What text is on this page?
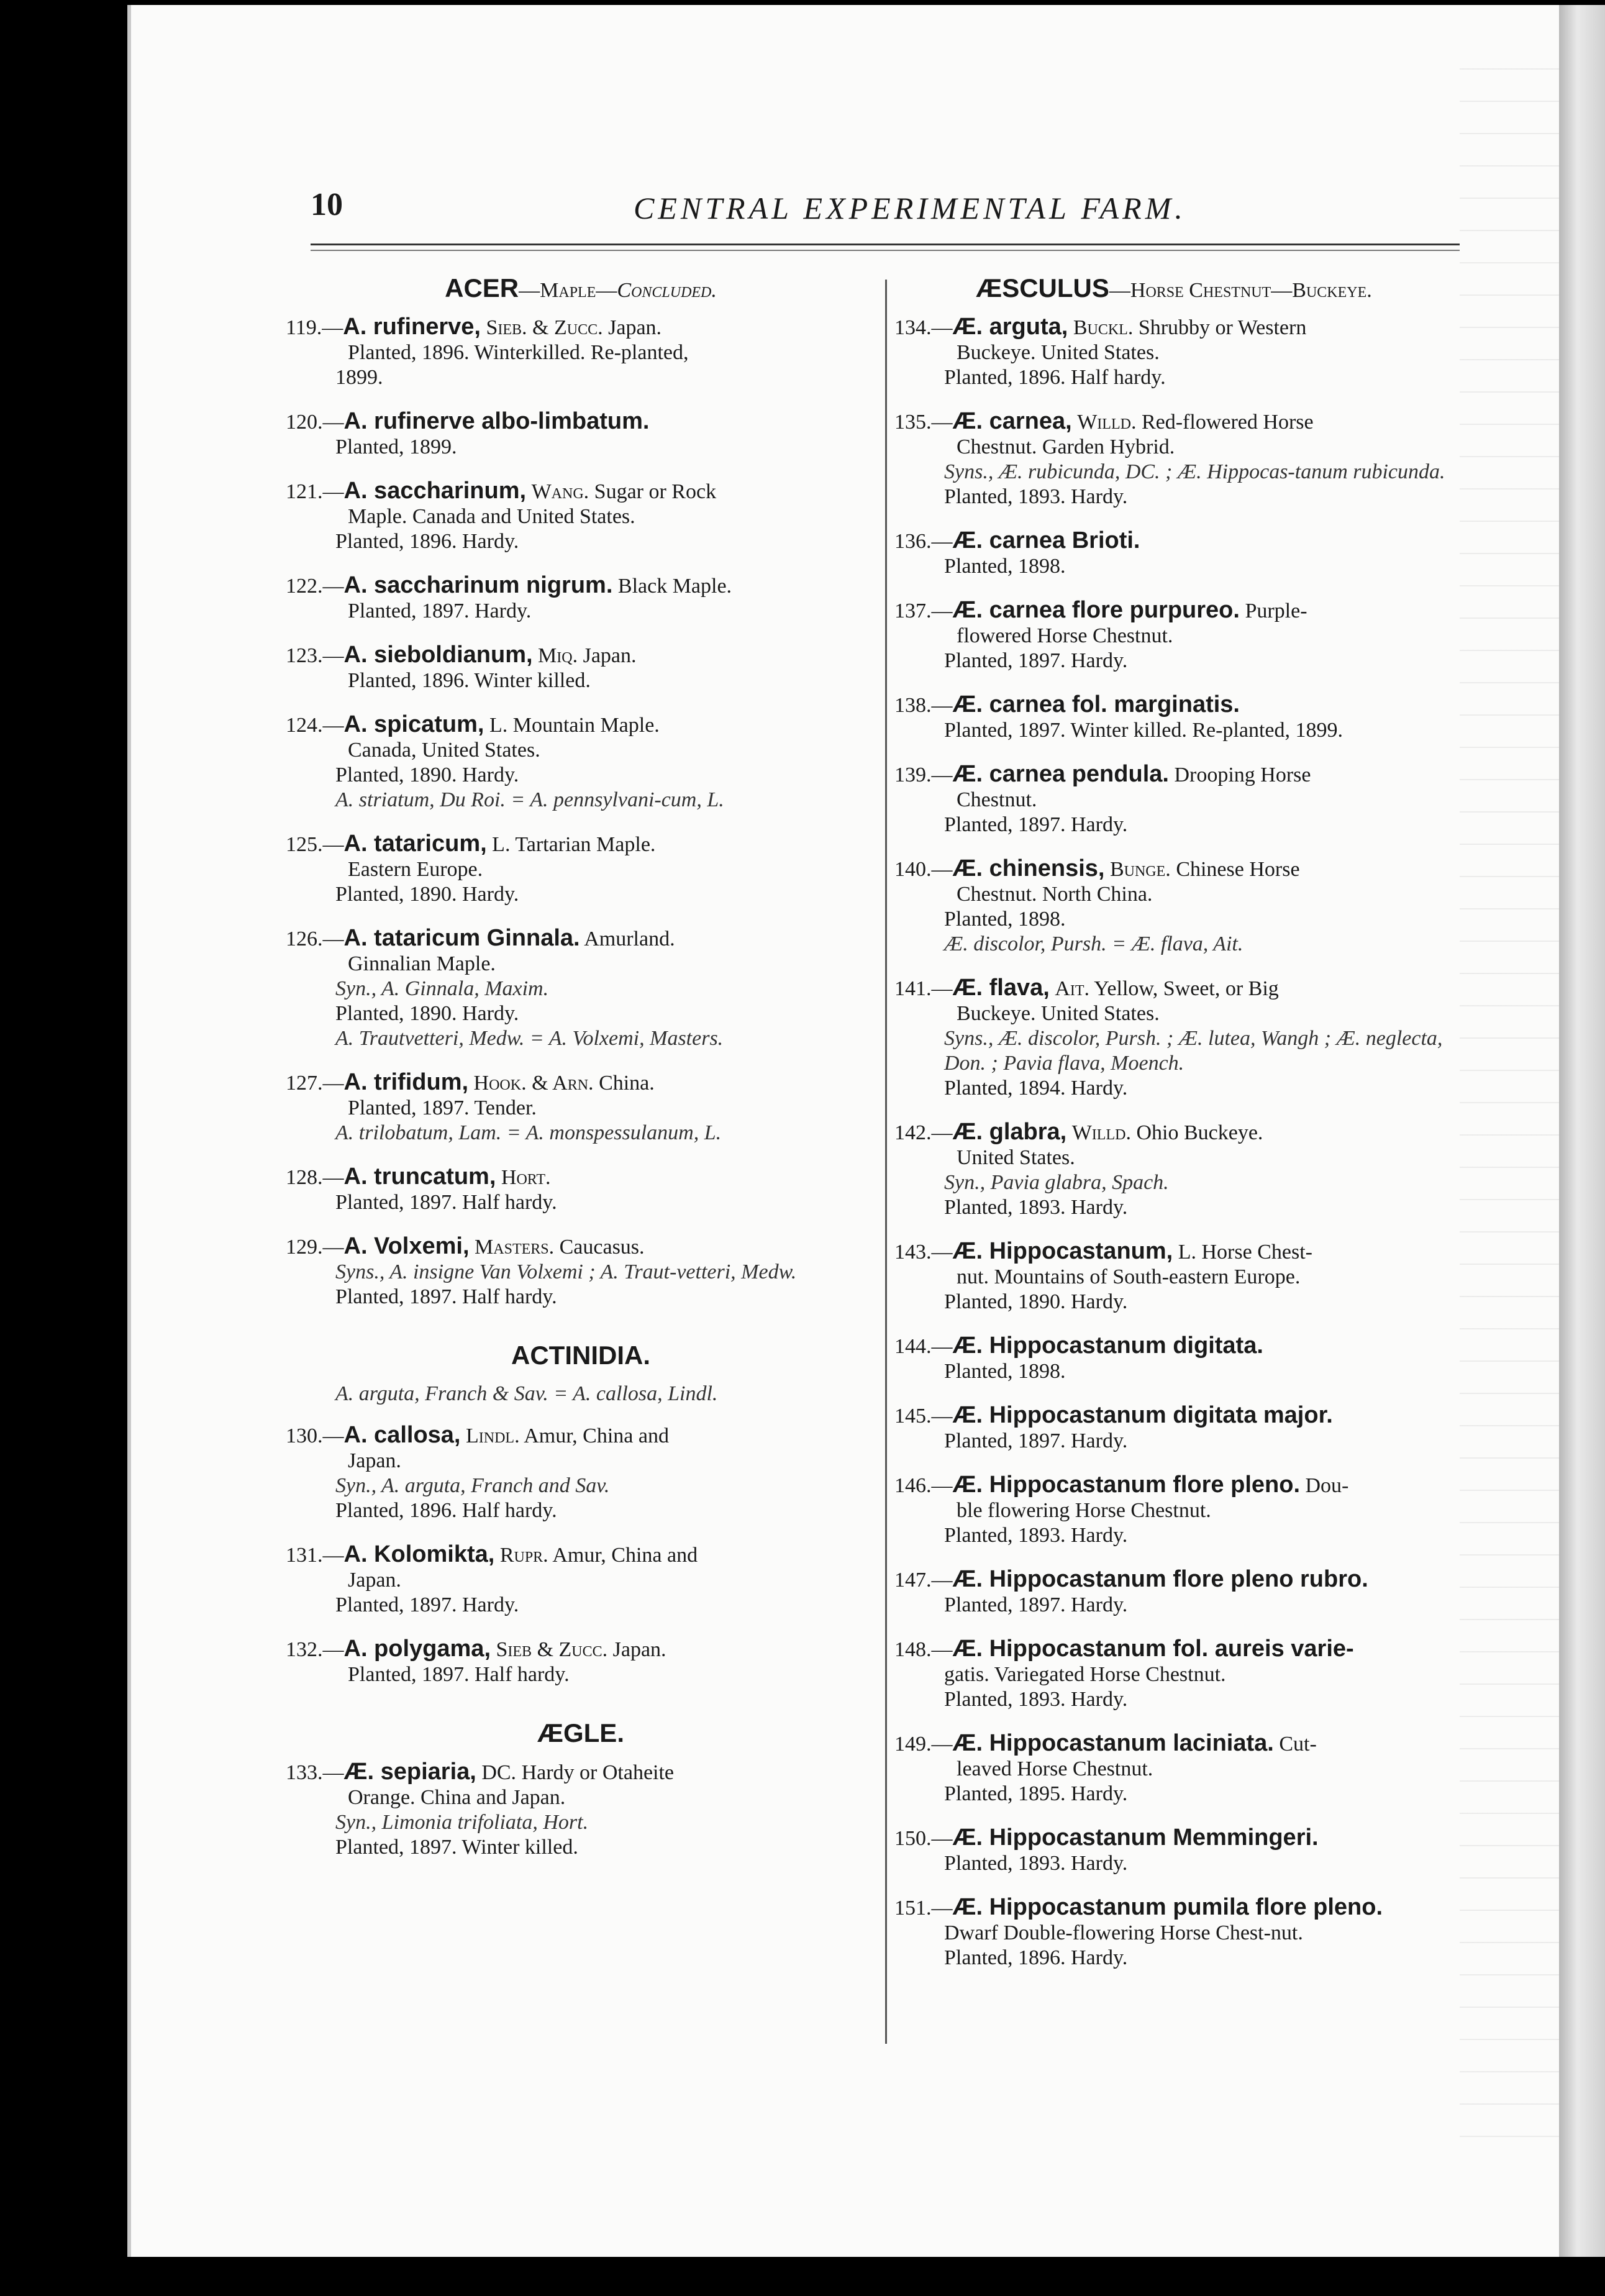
10	CENTRAL EXPERIMENTAL FARM.
ACER—Maple—Concluded.
119.—A. rufinerve, Sieb. & Zucc. Japan.
Planted, 1896. Winterkilled. Re-planted,
1899.
120.—A. rufinerve albo-limbatum.
Planted, 1899.
121.—A. saccharinum, Wang. Sugar or Rock
Maple. Canada and United States.
Planted, 1896. Hardy.
122.—A. saccharinum nigrum. Black Maple.
Planted, 1897. Hardy.
123.—A. sieboldianum, Miq. Japan.
Planted, 1896. Winter killed.
124.—A. spicatum, L. Mountain Maple.
Canada, United States.
Planted, 1890. Hardy.
A. striatum, Du Roi. = A. pennsylvani-cum, L.
125.—A. tataricum, L. Tartarian Maple.
Eastern Europe.
Planted, 1890. Hardy.
126.—A. tataricum Ginnala. Amurland.
Ginnalian Maple.
Syn., A. Ginnala, Maxim.
Planted, 1890. Hardy.
A. Trautvetteri, Medw. = A. Volxemi, Masters.
127.—A. trifidum, Hook. & Arn. China.
Planted, 1897. Tender.
A. trilobatum, Lam. = A. monspessulanum, L.
128.—A. truncatum, Hort.
Planted, 1897. Half hardy.
129.—A. Volxemi, Masters. Caucasus.
Syns., A. insigne Van Volxemi ; A. Traut-vetteri, Medw.
Planted, 1897. Half hardy.
ACTINIDIA.
A. arguta, Franch & Sav. = A. callosa, Lindl.
130.—A. callosa, Lindl. Amur, China and
Japan.
Syn., A. arguta, Franch and Sav.
Planted, 1896. Half hardy.
131.—A. Kolomikta, Rupr. Amur, China and
Japan.
Planted, 1897. Hardy.
132.—A. polygama, Sieb & Zucc. Japan.
Planted, 1897. Half hardy.
ÆGLE.
133.—Æ. sepiaria, DC. Hardy or Otaheite
Orange. China and Japan.
Syn., Limonia trifoliata, Hort.
Planted, 1897. Winter killed.
ÆSCULUS—Horse Chestnut—Buckeye.
134.—Æ. arguta, Buckl. Shrubby or Western
Buckeye. United States.
Planted, 1896. Half hardy.
135.—Æ. carnea, Willd. Red-flowered Horse
Chestnut. Garden Hybrid.
Syns., Æ. rubicunda, DC. ; Æ. Hippocas-tanum rubicunda.
Planted, 1893. Hardy.
136.—Æ. carnea Brioti.
Planted, 1898.
137.—Æ. carnea flore purpureo. Purple-
flowered Horse Chestnut.
Planted, 1897. Hardy.
138.—Æ. carnea fol. marginatis.
Planted, 1897. Winter killed. Re-planted, 1899.
139.—Æ. carnea pendula. Drooping Horse
Chestnut.
Planted, 1897. Hardy.
140.—Æ. chinensis, Bunge. Chinese Horse
Chestnut. North China.
Planted, 1898.
Æ. discolor, Pursh. = Æ. flava, Ait.
141.—Æ. flava, Ait. Yellow, Sweet, or Big
Buckeye. United States.
Syns., Æ. discolor, Pursh. ; Æ. lutea, Wangh ; Æ. neglecta, Don. ; Pavia flava, Moench.
Planted, 1894. Hardy.
142.—Æ. glabra, Willd. Ohio Buckeye.
United States.
Syn., Pavia glabra, Spach.
Planted, 1893. Hardy.
143.—Æ. Hippocastanum, L. Horse Chest-
nut. Mountains of South-eastern Europe.
Planted, 1890. Hardy.
144.—Æ. Hippocastanum digitata.
Planted, 1898.
145.—Æ. Hippocastanum digitata major.
Planted, 1897. Hardy.
146.—Æ. Hippocastanum flore pleno. Dou-
ble flowering Horse Chestnut.
Planted, 1893. Hardy.
147.—Æ. Hippocastanum flore pleno rubro.
Planted, 1897. Hardy.
148.—Æ. Hippocastanum fol. aureis varie-
gatis. Variegated Horse Chestnut.
Planted, 1893. Hardy.
149.—Æ. Hippocastanum laciniata. Cut-
leaved Horse Chestnut.
Planted, 1895. Hardy.
150.—Æ. Hippocastanum Memmingeri.
Planted, 1893. Hardy.
151.—Æ. Hippocastanum pumila flore pleno.
Dwarf Double-flowering Horse Chest-nut.
Planted, 1896. Hardy.
